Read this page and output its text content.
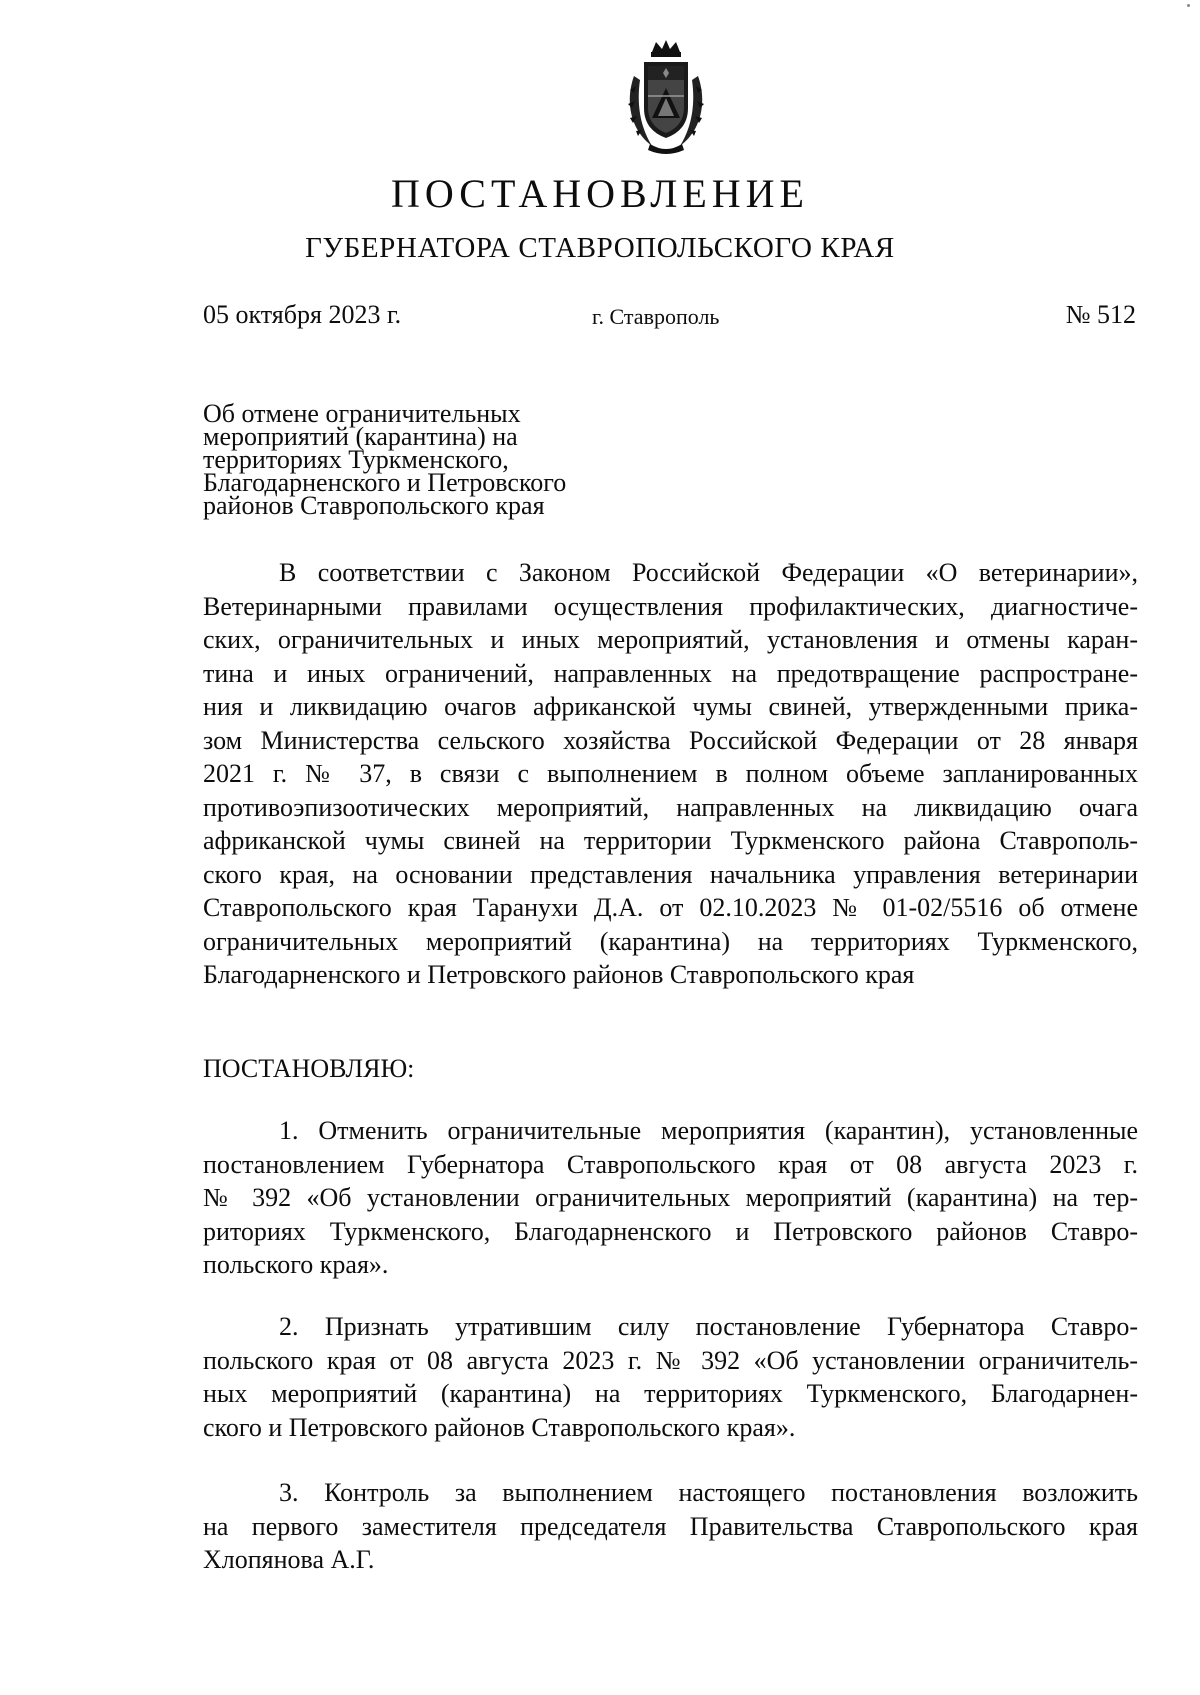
ПОСТАНОВЛЕНИЕ
ГУБЕРНАТОРА СТАВРОПОЛЬСКОГО КРАЯ
05 октября 2023 г.	г. Ставрополь	№ 512
Об отмене ограничительных
мероприятий (карантина) на
территориях Туркменского,
Благодарненского и Петровского
районов Ставропольского края
В соответствии с Законом Российской Федерации «О ветеринарии»,
Ветеринарными правилами осуществления профилактических, диагностиче-
ских, ограничительных и иных мероприятий, установления и отмены каран-
тина и иных ограничений, направленных на предотвращение распростране-
ния и ликвидацию очагов африканской чумы свиней, утвержденными прика-
зом Министерства сельского хозяйства Российской Федерации от 28 января
2021 г. № 37, в связи с выполнением в полном объеме запланированных
противоэпизоотических мероприятий, направленных на ликвидацию очага
африканской чумы свиней на территории Туркменского района Ставрополь-
ского края, на основании представления начальника управления ветеринарии
Ставропольского края Таранухи Д.А. от 02.10.2023 № 01-02/5516 об отмене
ограничительных мероприятий (карантина) на территориях Туркменского,
Благодарненского и Петровского районов Ставропольского края
ПОСТАНОВЛЯЮ:
1. Отменить ограничительные мероприятия (карантин), установленные
постановлением Губернатора Ставропольского края от 08 августа 2023 г.
№ 392 «Об установлении ограничительных мероприятий (карантина) на тер-
риториях Туркменского, Благодарненского и Петровского районов Ставро-
польского края».
2. Признать утратившим силу постановление Губернатора Ставро-
польского края от 08 августа 2023 г. № 392 «Об установлении ограничитель-
ных мероприятий (карантина) на территориях Туркменского, Благодарнен-
ского и Петровского районов Ставропольского края».
3. Контроль за выполнением настоящего постановления возложить
на первого заместителя председателя Правительства Ставропольского края
Хлопянова А.Г.
